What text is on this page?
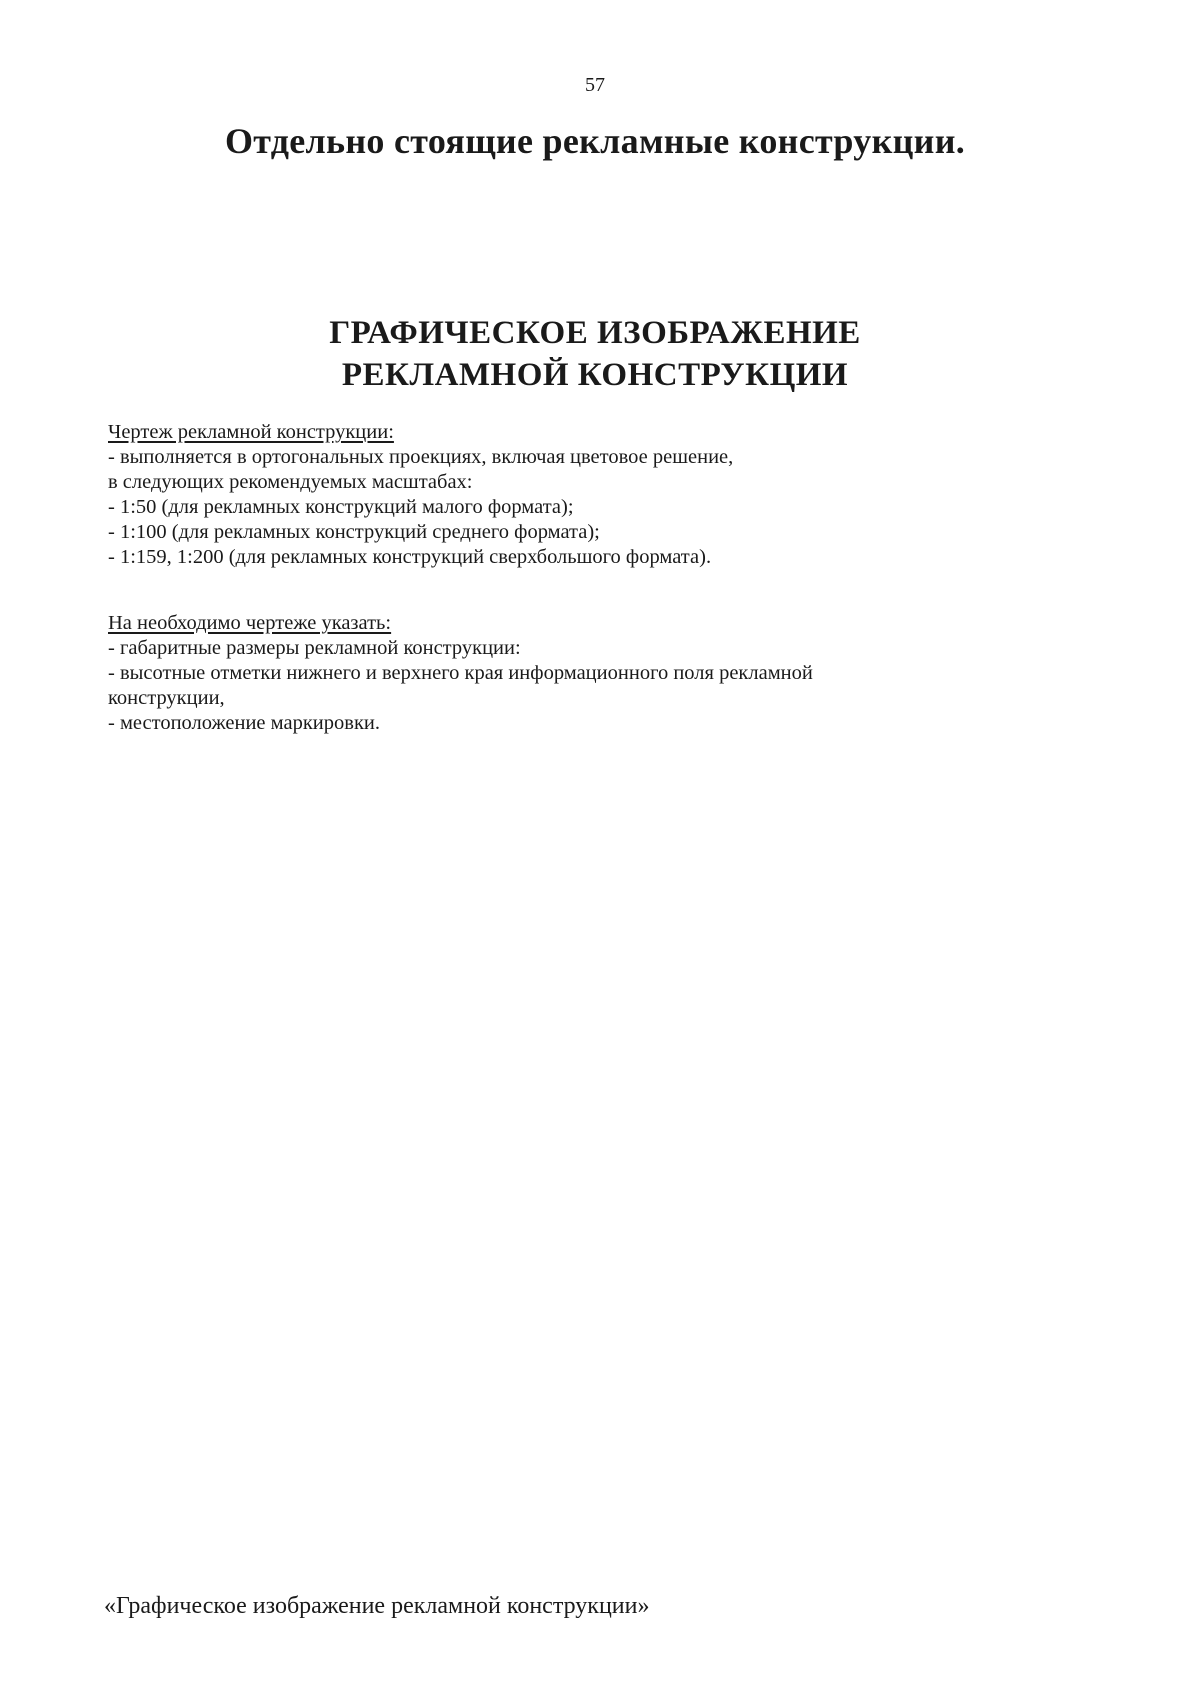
57
Отдельно стоящие рекламные конструкции.
ГРАФИЧЕСКОЕ ИЗОБРАЖЕНИЕ
РЕКЛАМНОЙ КОНСТРУКЦИИ
Чертеж рекламной конструкции:
- выполняется в ортогональных проекциях, включая цветовое решение,
в следующих рекомендуемых масштабах:
- 1:50 (для рекламных конструкций малого формата);
- 1:100 (для рекламных конструкций среднего формата);
- 1:159, 1:200 (для рекламных конструкций сверхбольшого формата).
На необходимо чертеже указать:
- габаритные размеры рекламной конструкции:
- высотные отметки нижнего и верхнего края информационного поля рекламной
конструкции,
- местоположение маркировки.
«Графическое изображение рекламной конструкции»
